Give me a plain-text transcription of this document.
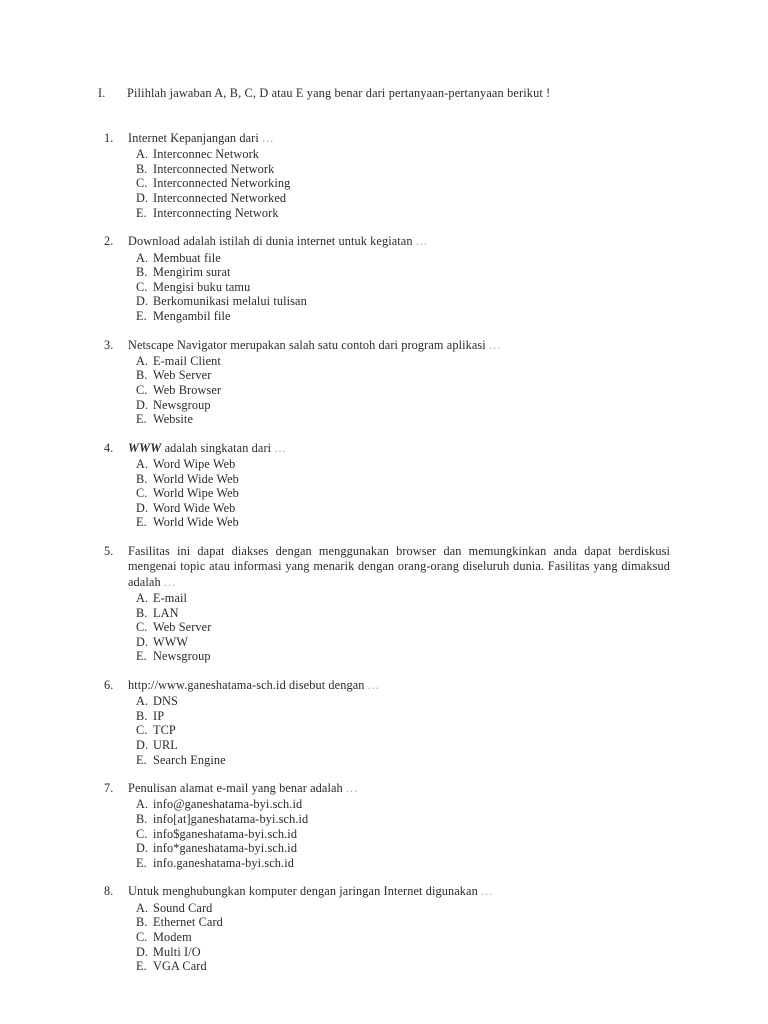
I.	Pilihlah jawaban A, B, C, D atau E yang benar dari pertanyaan-pertanyaan berikut !
1.	Internet Kepanjangan dari ...
A. Interconnec Network
B. Interconnected Network
C. Interconnected Networking
D. Interconnected Networked
E. Interconnecting Network
2.	Download adalah istilah di dunia internet untuk kegiatan ...
A. Membuat file
B. Mengirim surat
C. Mengisi buku tamu
D. Berkomunikasi melalui tulisan
E. Mengambil file
3.	Netscape Navigator merupakan salah satu contoh dari program aplikasi ...
A. E-mail Client
B. Web Server
C. Web Browser
D. Newsgroup
E. Website
4.	WWW adalah singkatan dari ...
A. Word Wipe Web
B. World Wide Web
C. World Wipe Web
D. Word Wide Web
E. World Wide Web
5.	Fasilitas ini dapat diakses dengan menggunakan browser dan memungkinkan anda dapat berdiskusi mengenai topic atau informasi yang menarik dengan orang-orang diseluruh dunia. Fasilitas yang dimaksud adalah ...
A. E-mail
B. LAN
C. Web Server
D. WWW
E. Newsgroup
6.	http://www.ganeshatama-sch.id disebut dengan ...
A. DNS
B. IP
C. TCP
D. URL
E. Search Engine
7.	Penulisan alamat e-mail yang benar adalah ...
A. info@ganeshatama-byi.sch.id
B. info[at]ganeshatama-byi.sch.id
C. info$ganeshatama-byi.sch.id
D. info*ganeshatama-byi.sch.id
E. info.ganeshatama-byi.sch.id
8.	Untuk menghubungkan komputer dengan jaringan Internet digunakan ...
A. Sound Card
B. Ethernet Card
C. Modem
D. Multi I/O
E. VGA Card
